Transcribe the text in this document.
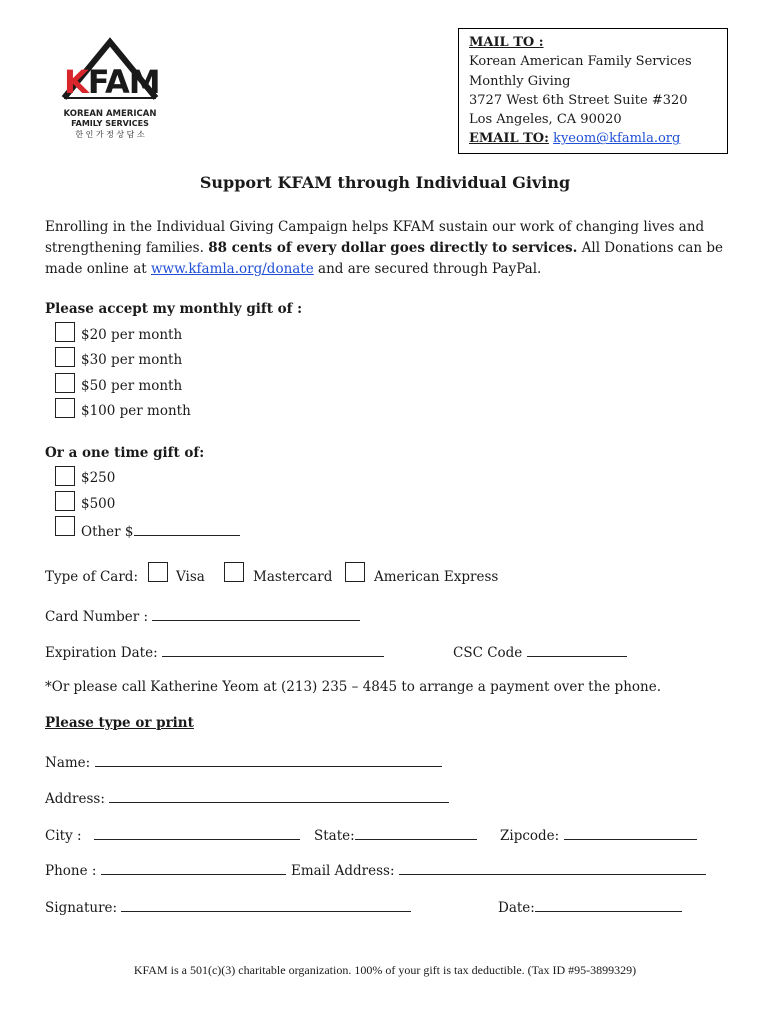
KFAM
KOREAN AMERICAN
FAMILY SERVICES
한 인 가 정 상 담 소
MAIL TO :
Korean American Family Services
Monthly Giving
3727 West 6th Street Suite #320
Los Angeles, CA 90020
EMAIL TO: kyeom@kfamla.org
Support KFAM through Individual Giving
Enrolling in the Individual Giving Campaign helps KFAM sustain our work of changing lives and strengthening families. 88 cents of every dollar goes directly to services. All Donations can be made online at www.kfamla.org/donate and are secured through PayPal.
Please accept my monthly gift of :
$20 per month
$30 per month
$50 per month
$100 per month
Or a one time gift of:
$250
$500
Other $
Type of Card:	Visa	Mastercard	American Express
Card Number :
Expiration Date:	CSC Code
*Or please call Katherine Yeom at (213) 235 – 4845 to arrange a payment over the phone.
Please type or print
Name:
Address:
City :	State:	Zipcode:
Phone :	Email Address:
Signature:	Date:
KFAM is a 501(c)(3) charitable organization. 100% of your gift is tax deductible. (Tax ID #95-3899329)
